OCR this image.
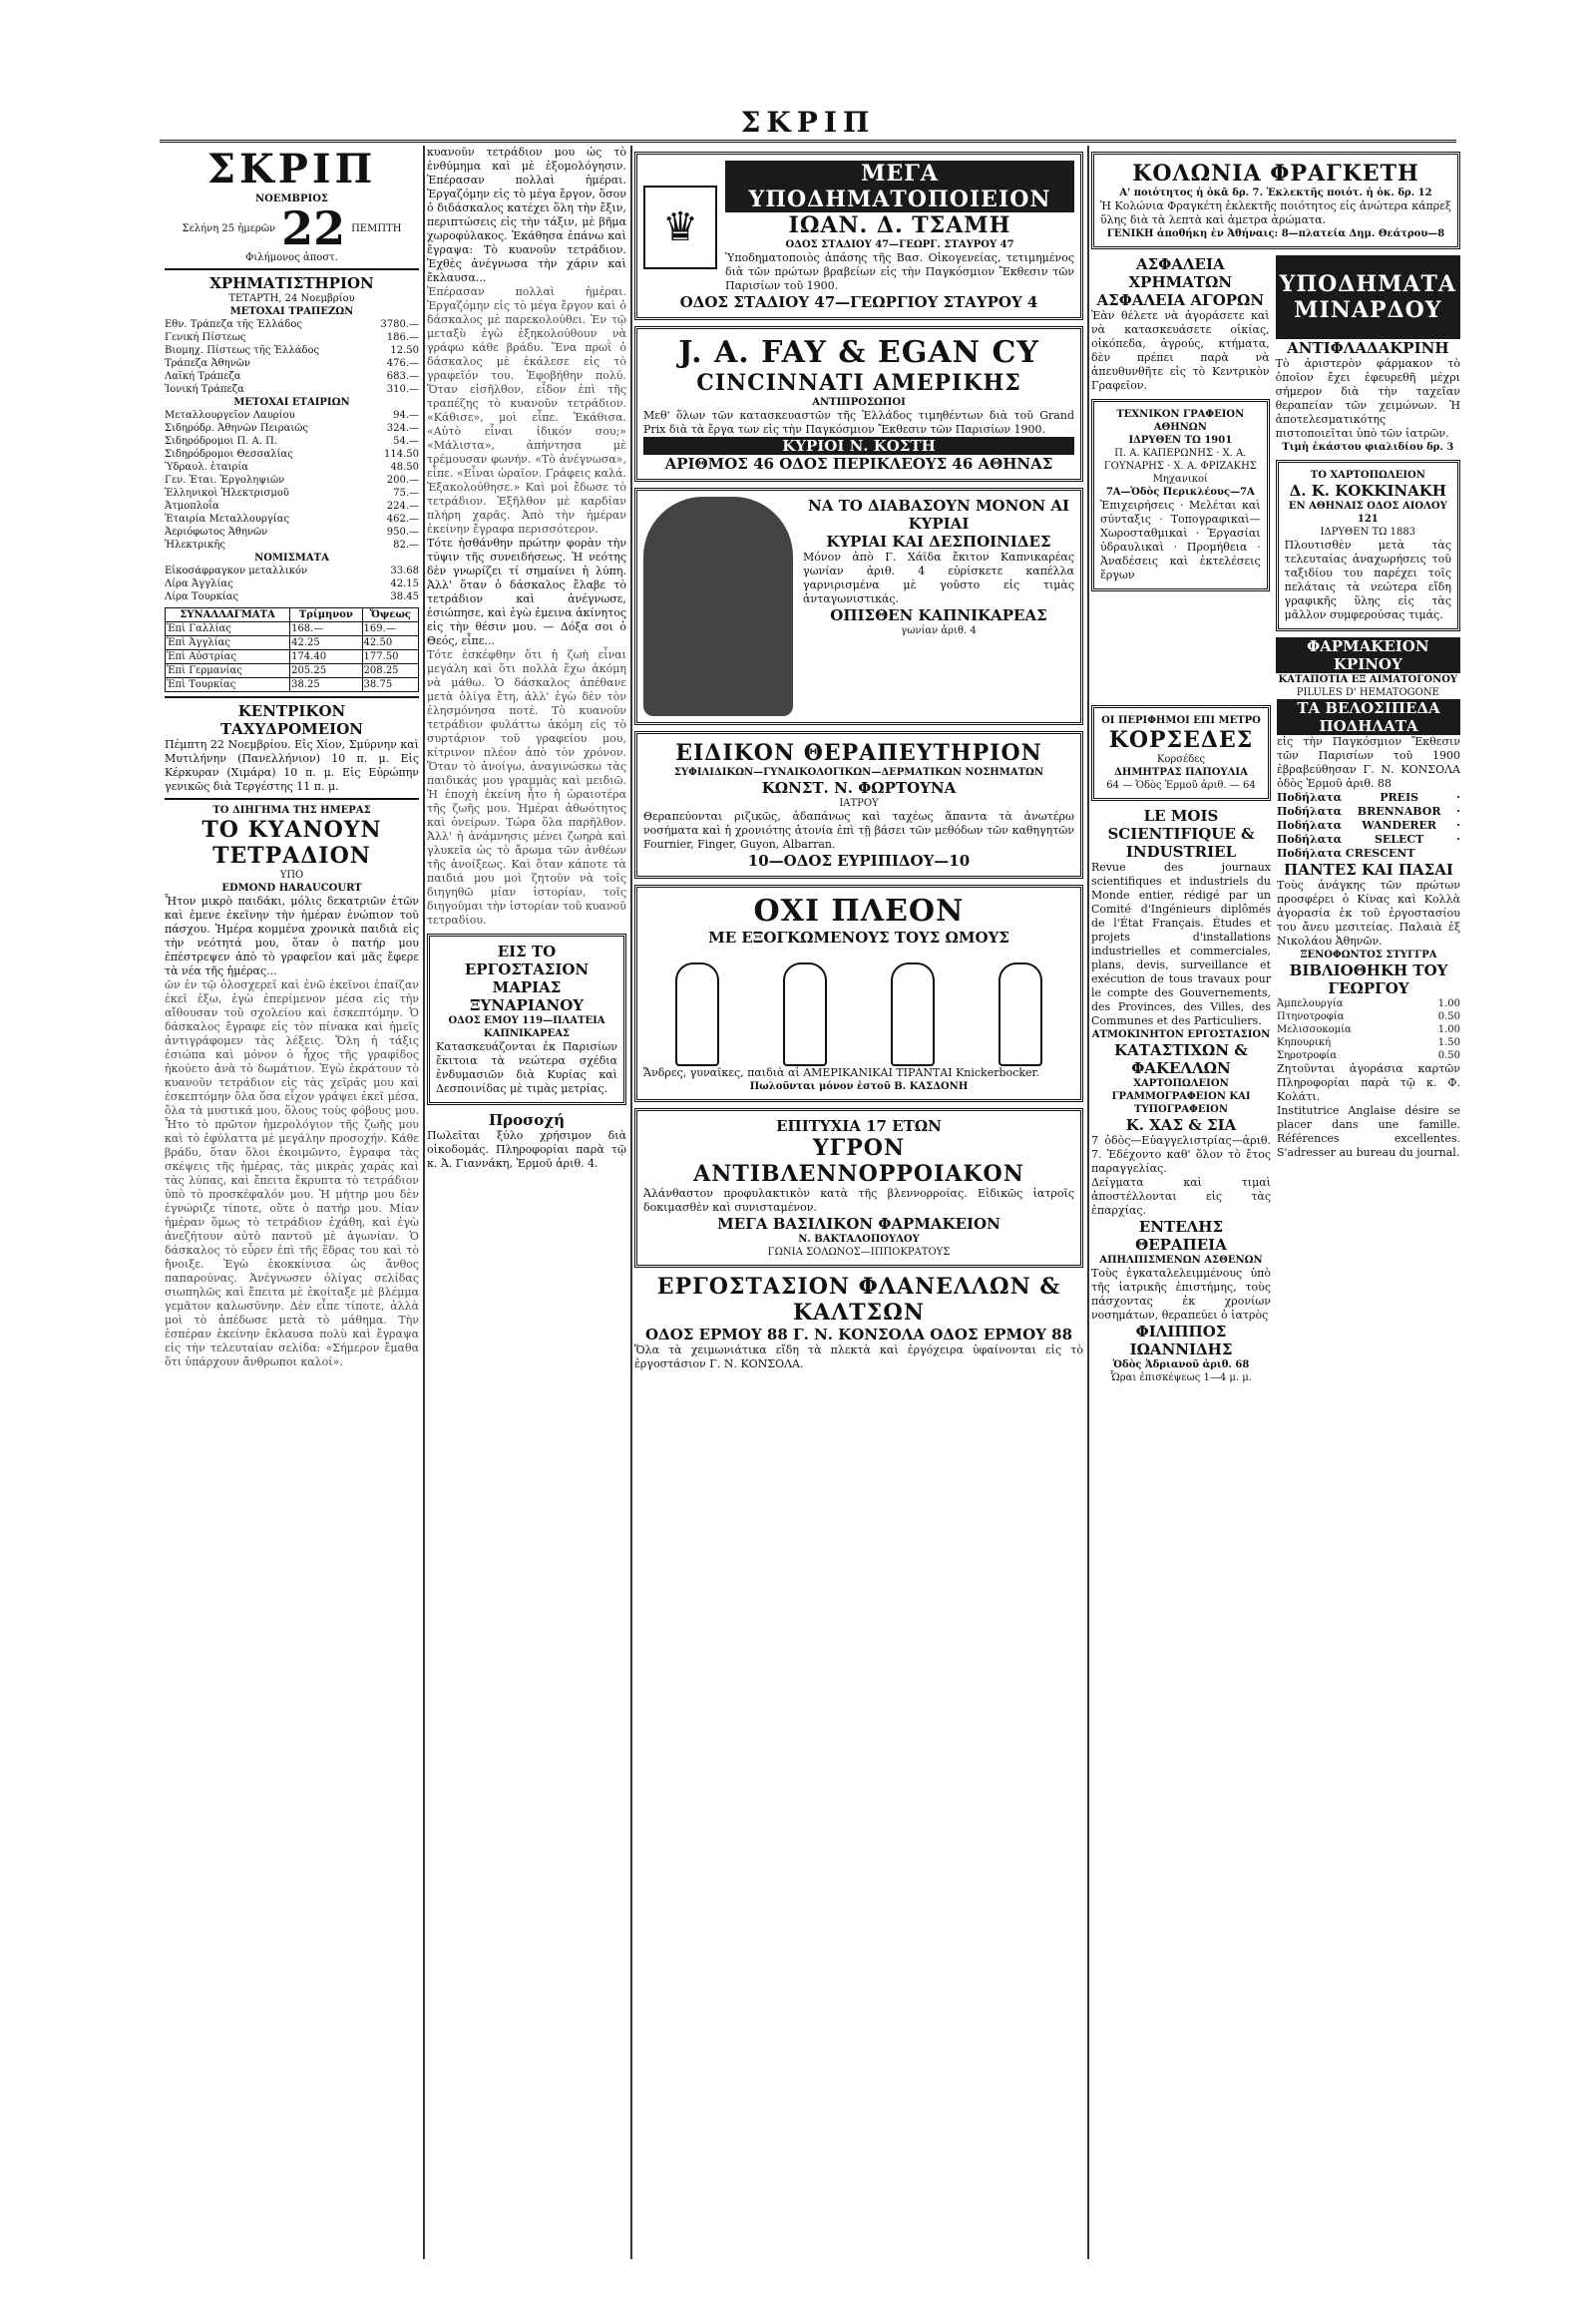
ΣΚΡΙΠ
ΣΚΡΙΠ
ΝΟΕΜΒΡΙΟΣ
Σελήνη 25 ἡμερῶν 22 ΠΕΜΠΤΗ
Φιλήμονος ἀποστ.
ΧΡΗΜΑΤΙΣΤΗΡΙΟΝ
ΤΕΤΑΡΤΗ, 24 Νοεμβρίου
ΜΕΤΟΧΑΙ ΤΡΑΠΕΖΩΝ
Εθν. Τράπεζα τῆς Ἑλλάδος	3780.—
Γενική Πίστεως	186.—
Βιομηχ. Πίστεως τῆς Ἑλλάδος	12.50
Τράπεζα Ἀθηνῶν	476.—
Λαϊκή Τράπεζα	683.—
Ἰονική Τράπεζα	310.—
ΜΕΤΟΧΑΙ ΕΤΑΙΡΙΩΝ
Μεταλλουργεῖον Λαυρίου	94.—
Σιδηρόδρ. Ἀθηνῶν Πειραιῶς	324.—
Σιδηρόδρομοι Π. Α. Π.	54.—
Σιδηρόδρομοι Θεσσαλίας	114.50
Ὑδραυλ. ἑταιρία	48.50
Γεν. Ἑται. Ἐργοληψιῶν	200.—
Ἑλληνικοὶ Ἠλεκτρισμοῦ	75.—
Ἀτμοπλοΐα	224.—
Ἐταιρία Μεταλλουργίας	462.—
Ἀεριόφωτος Ἀθηνῶν	950.—
Ἠλεκτρικῆς	82.—
ΝΟΜΙΣΜΑΤΑ
Εἰκοσάφραγκον μεταλλικόν	33.68
Λίρα Ἀγγλίας	42.15
Λίρα Τουρκίας	38.45
ΣΥΝΑΛΛΑΓΜΑΤΑ	Τρίμηνον	Ὄψεως
Ἐπὶ Γαλλίας	168.—	169.—
Ἐπὶ Ἀγγλίας	42.25	42.50
Ἐπὶ Αὐστρίας	174.40	177.50
Ἐπὶ Γερμανίας	205.25	208.25
Ἐπὶ Τουρκίας	38.25	38.75
ΚΕΝΤΡΙΚΟΝ ΤΑΧΥΔΡΟΜΕΙΟΝ
Πέμπτη 22 Νοεμβρίου. Εἰς Χίον, Σμύρνην καὶ Μυτιλήνην (Πανελλήνιον) 10 π. μ. Εἰς Κέρκυραν (Χιμάρα) 10 π. μ. Εἰς Εὐρώπην γενικῶς διὰ Τεργέστης 11 π. μ.
ΤΟ ΔΙΗΓΗΜΑ ΤΗΣ ΗΜΕΡΑΣ
ΤΟ ΚΥΑΝΟΥΝ ΤΕΤΡΑΔΙΟΝ
ΥΠΟ
EDMOND HARAUCOURT
Ἦτον μικρὸ παιδάκι, μόλις δεκατριῶν ἐτῶν καὶ ἐμενε ἐκεῖνην τὴν ἡμέραν ἐνώπιον τοῦ πάσχου. Ἠμέρα κομμένα χρονικὰ παιδιὰ εἰς τὴν νεότητά μου, ὅταν ὁ πατήρ μου ἐπέστρεψεν ἀπὸ τὸ γραφεῖον καὶ μᾶς ἔφερε τὰ νέα τῆς ἡμέρας...
ῶν ἐν τῷ ὁλοσχερεῖ καὶ ἐνῶ ἐκεῖνοι ἐπαίζαν ἐκεῖ ἐξω, ἐγὼ ἐπερίμενον μέσα εἰς τὴν αἴθουσαν τοῦ σχολείου καὶ ἐσκεπτόμην. Ὁ δάσκαλος ἔγραφε εἰς τὸν πίνακα καὶ ἡμεῖς ἀντιγράφομεν τὰς λέξεις. Ὅλη ἡ τάξις ἐσιώπα καὶ μόνον ὁ ἦχος τῆς γραφίδος ἠκούετο ἀνὰ τὸ δωμάτιον. Ἐγὼ ἐκράτουν τὸ κυανοῦν τετράδιον εἰς τὰς χεῖράς μου καὶ ἐσκεπτόμην ὅλα ὅσα εἶχον γράψει ἐκεῖ μέσα, ὅλα τὰ μυστικά μου, ὅλους τοὺς φόβους μου. Ἦτο τὸ πρῶτον ἡμερολόγιον τῆς ζωῆς μου καὶ τὸ ἐφύλαττα μὲ μεγάλην προσοχήν. Κάθε βράδυ, ὅταν ὅλοι ἐκοιμῶντο, ἔγραφα τὰς σκέψεις τῆς ἡμέρας, τὰς μικρὰς χαρὰς καὶ τὰς λύπας, καὶ ἔπειτα ἔκρυπτα τὸ τετράδιον ὑπὸ τὸ προσκέφαλόν μου. Ἡ μήτηρ μου δὲν ἐγνώριζε τίποτε, οὔτε ὁ πατήρ μου. Μίαν ἡμέραν ὅμως τὸ τετράδιον ἐχάθη, καὶ ἐγὼ ἀνεζήτουν αὐτὸ παντοῦ μὲ ἀγωνίαν. Ὁ δάσκαλος τὸ εὗρεν ἐπὶ τῆς ἕδρας του καὶ τὸ ἤνοιξε. Ἐγὼ ἐκοκκίνισα ὡς ἄνθος παπαρούνας. Ἀνέγνωσεν ὀλίγας σελίδας σιωπηλῶς καὶ ἔπειτα μὲ ἐκοίταξε μὲ βλέμμα γεμᾶτον καλωσύνην. Δὲν εἶπε τίποτε, ἀλλὰ μοὶ τὸ ἀπέδωσε μετὰ τὸ μάθημα. Τὴν ἑσπέραν ἐκείνην ἔκλαυσα πολὺ καὶ ἔγραψα εἰς τὴν τελευταίαν σελίδα: «Σήμερον ἔμαθα ὅτι ὑπάρχουν ἄνθρωποι καλοί».
κυανοῦν τετράδιον μου ὡς τὸ ἐνθύμημα καὶ μὲ ἐξομολόγησιν. Ἐπέρασαν πολλαὶ ἡμέραι. Ἐργαζόμην εἰς τὸ μέγα ἔργον, ὅσον ὁ διδάσκαλος κατέχει ὅλη τὴν ἔξιν, περιπτώσεις εἰς τὴν τάξιν, μὲ βῆμα χωροφύλακος. Ἐκάθησα ἐπάνω καὶ ἔγραψα: Τὸ κυανοῦν τετράδιον. Ἐχθὲς ἀνέγνωσα τὴν χάριν καὶ ἔκλαυσα...
Ἐπέρασαν πολλαὶ ἡμέραι. Ἐργαζόμην εἰς τὸ μέγα ἔργον καὶ ὁ δάσκαλος μὲ παρεκολούθει. Ἐν τῷ μεταξὺ ἐγὼ ἐξηκολούθουν νὰ γράφω κάθε βράδυ. Ἕνα πρωῒ ὁ δάσκαλος μὲ ἐκάλεσε εἰς τὸ γραφεῖόν του. Ἐφοβήθην πολύ. Ὅταν εἰσῆλθον, εἶδον ἐπὶ τῆς τραπέζης τὸ κυανοῦν τετράδιον. «Κάθισε», μοὶ εἶπε. Ἐκάθισα. «Αὐτὸ εἶναι ἰδικόν σου;» «Μάλιστα», ἀπήντησα μὲ τρέμουσαν φωνήν. «Τὸ ἀνέγνωσα», εἶπε. «Εἶναι ὡραῖον. Γράφεις καλά. Ἐξακολούθησε.» Καὶ μοὶ ἔδωσε τὸ τετράδιον. Ἐξῆλθον μὲ καρδίαν πλήρη χαρᾶς. Ἀπὸ τὴν ἡμέραν ἐκείνην ἔγραφα περισσότερον.
Τότε ἠσθάνθην πρώτην φορὰν τὴν τύψιν τῆς συνειδήσεως. Ἡ νεότης δὲν γνωρίζει τί σημαίνει ἡ λύπη. Ἀλλ' ὅταν ὁ δάσκαλος ἔλαβε τὸ τετράδιον καὶ ἀνέγνωσε, ἐσιώπησε, καὶ ἐγὼ ἐμεινα ἀκίνητος εἰς τὴν θέσιν μου. — Δόξα σοι ὁ Θεός, εἶπε...
Τότε ἐσκέφθην ὅτι ἡ ζωὴ εἶναι μεγάλη καὶ ὅτι πολλὰ ἔχω ἀκόμη νὰ μάθω. Ὁ δάσκαλος ἀπέθανε μετὰ ὀλίγα ἔτη, ἀλλ' ἐγὼ δὲν τὸν ἐλησμόνησα ποτέ. Τὸ κυανοῦν τετράδιον φυλάττω ἀκόμη εἰς τὸ συρτάριον τοῦ γραφείου μου, κίτρινον πλέον ἀπὸ τὸν χρόνον. Ὅταν τὸ ἀνοίγω, ἀναγινώσκω τὰς παιδικάς μου γραμμὰς καὶ μειδιῶ. Ἡ ἐποχὴ ἐκείνη ἦτο ἡ ὡραιοτέρα τῆς ζωῆς μου. Ἡμέραι ἀθωότητος καὶ ὀνείρων. Τώρα ὅλα παρῆλθον. Ἀλλ' ἡ ἀνάμνησις μένει ζωηρὰ καὶ γλυκεῖα ὡς τὸ ἄρωμα τῶν ἀνθέων τῆς ἀνοίξεως. Καὶ ὅταν κάποτε τὰ παιδιά μου μοὶ ζητοῦν νὰ τοῖς διηγηθῶ μίαν ἱστορίαν, τοῖς διηγοῦμαι τὴν ἱστορίαν τοῦ κυανοῦ τετραδίου.
ΕΙΣ ΤΟ ΕΡΓΟΣΤΑΣΙΟΝ
ΜΑΡΙΑΣ ΞΥΝΑΡΙΑΝΟΥ
ΟΔΟΣ ΕΜΟΥ 119—ΠΛΑΤΕΙΑ ΚΑΠΝΙΚΑΡΕΑΣ
Κατασκευάζονται ἐκ Παρισίων ἔκιτοια τὰ νεώτερα σχέδια ἐνδυμασιῶν διὰ Κυρίας καὶ Δεσποινίδας μὲ τιμὰς μετρίας.
Προσοχή
Πωλεῖται ξύλο χρήσιμον διὰ οἰκοδομάς. Πληροφορίαι παρὰ τῷ κ. Ἀ. Γιαννάκη, Ἐρμοῦ ἀριθ. 4.
♛
ΜΕΓΑ ΥΠΟΔΗΜΑΤΟΠΟΙΕΙΟΝ
ΙΩΑΝ. Δ. ΤΣΑΜΗ
ΟΔΟΣ ΣΤΑΔΙΟΥ 47—ΓΕΩΡΓ. ΣΤΑΥΡΟΥ 47
Ὑποδηματοποιὸς ἁπάσης τῆς Βασ. Οἰκογενείας, τετιμημένος διὰ τῶν πρώτων βραβείων εἰς τὴν Παγκόσμιον Ἔκθεσιν τῶν Παρισίων τοῦ 1900.
ΟΔΟΣ ΣΤΑΔΙΟΥ 47—ΓΕΩΡΓΙΟΥ ΣΤΑΥΡΟΥ 4
J. A. FAY & EGAN CY
CINCINNATI ΑΜΕΡΙΚΗΣ
ΑΝΤΙΠΡΟΣΩΠΟΙ
Μεθ' ὅλων τῶν κατασκευαστῶν τῆς Ἑλλάδος τιμηθέντων διὰ τοῦ Grand Prix διὰ τὰ ἔργα των εἰς τὴν Παγκόσμιον Ἔκθεσιν τῶν Παρισίων 1900.
ΚΥΡΙΟΙ Ν. ΚΟΣΤΗ
ΑΡΙΘΜΟΣ 46 ΟΔΟΣ ΠΕΡΙΚΛΕΟΥΣ 46 ΑΘΗΝΑΣ
ΝΑ ΤΟ ΔΙΑΒΑΣΟΥΝ ΜΟΝΟΝ ΑΙ ΚΥΡΙΑΙ
ΚΥΡΙΑΙ ΚΑΙ ΔΕΣΠΟΙΝΙΔΕΣ
Μόνον ἀπὸ Γ. Χάϊδα ἔκιτον Καπνικαρέας γωνίαν ἀριθ. 4 εὑρίσκετε καπέλλα γαρνιρισμένα μὲ γοῦστο εἰς τιμὰς ἀνταγωνιστικάς.
ΟΠΙΣΘΕΝ ΚΑΠΝΙΚΑΡΕΑΣ
γωνίαν ἀριθ. 4
ΕΙΔΙΚΟΝ ΘΕΡΑΠΕΥΤΗΡΙΟΝ
ΣΥΦΙΛΙΔΙΚΩΝ—ΓΥΝΑΙΚΟΛΟΓΙΚΩΝ—ΔΕΡΜΑΤΙΚΩΝ ΝΟΣΗΜΑΤΩΝ
ΚΩΝΣΤ. Ν. ΦΩΡΤΟΥΝΑ
ΙΑΤΡΟΥ
Θεραπεύονται ριζικῶς, ἀδαπάνως καὶ ταχέως ἅπαντα τὰ ἀνωτέρω νοσήματα καὶ ἡ χρονιότης ἀτονία ἐπὶ τῇ βάσει τῶν μεθόδων τῶν καθηγητῶν Fournier, Finger, Guyon, Albarran.
10—ΟΔΟΣ ΕΥΡΙΠΙΔΟΥ—10
ΟΧΙ ΠΛΕΟΝ
ΜΕ ΕΞΟΓΚΩΜΕΝΟΥΣ ΤΟΥΣ ΩΜΟΥΣ
Ἄνδρες, γυναῖκες, παιδιὰ αἱ ΑΜΕΡΙΚΑΝΙΚΑΙ ΤΙΡΑΝΤΑΙ Knickerbocker.
Πωλοῦνται μόνον ἐστοῦ Β. ΚΑΣΔΟΝΗ
ΕΠΙΤΥΧΙΑ 17 ΕΤΩΝ
ΥΓΡΟΝ ΑΝΤΙΒΛΕΝΝΟΡΡΟΙΑΚΟΝ
Ἀλάνθαστον προφυλακτικὸν κατὰ τῆς βλεννορροίας. Εἰδικῶς ἰατροῖς δοκιμασθὲν καὶ συνισταμένον.
ΜΕΓΑ ΒΑΣΙΛΙΚΟΝ ΦΑΡΜΑΚΕΙΟΝ
Ν. ΒΑΚΤΑΛΟΠΟΥΛΟΥ
ΓΩΝΙΑ ΣΟΛΩΝΟΣ—ΙΠΠΟΚΡΑΤΟΥΣ
ΕΡΓΟΣΤΑΣΙΟΝ ΦΛΑΝΕΛΛΩΝ & ΚΑΛΤΣΩΝ
ΟΔΟΣ ΕΡΜΟΥ 88 Γ. Ν. ΚΟΝΣΟΛΑ ΟΔΟΣ ΕΡΜΟΥ 88
Ὅλα τὰ χειμωνιάτικα εἴδη τὰ πλεκτὰ καὶ ἐργόχειρα ὑφαίνονται εἰς τὸ ἐργοστάσιον Γ. Ν. ΚΟΝΣΟΛΑ.
ΚΟΛΩΝΙΑ ΦΡΑΓΚΕΤΗ
Α' ποιότητος ἡ ὀκᾶ δρ. 7. Ἐκλεκτῆς ποιότ. ἡ ὀκ. δρ. 12
Ἡ Κολώνια Φραγκέτη ἐκλεκτῆς ποιότητος εἰς ἀνώτερα κάπρεξ ὕλης διὰ τὰ λεπτὰ καὶ ἀμετρα ἀρώματα.
ΓΕΝΙΚΗ ἀποθήκη ἐν Ἀθήναις: 8—πλατεία Δημ. Θεάτρου—8
ΑΣΦΑΛΕΙΑ ΧΡΗΜΑΤΩΝ ΑΣΦΑΛΕΙΑ ΑΓΟΡΩΝ
Ἐὰν θέλετε νὰ ἀγοράσετε καὶ νὰ κατασκευάσετε οἰκίας, οἰκόπεδα, ἀγρούς, κτήματα, δὲν πρέπει παρὰ νὰ ἀπευθυνθῆτε εἰς τὸ Κεντρικὸν Γραφεῖον.
ΤΕΧΝΙΚΟΝ ΓΡΑΦΕΙΟΝ ΑΘΗΝΩΝ
ΙΔΡΥΘΕΝ ΤΩ 1901
Π. Α. ΚΑΠΕΡΩΝΗΣ · Χ. Α. ΓΟΥΝΑΡΗΣ · Χ. Α. ΦΡΙΖΑΚΗΣ
Μηχανικοί
7Α—Ὁδὸς Περικλέους—7Α
Ἐπιχειρήσεις · Μελέται καὶ σύνταξις · Τοπογραφικαὶ—Χωροσταθμικαὶ · Ἐργασίαι ὑδραυλικαὶ · Προμήθεια · Ἀναδέσεις καὶ ἐκτελέσεις ἔργων
ΥΠΟΔΗΜΑΤΑ ΜΙΝΑΡΔΟΥ
ΑΝΤΙΦΛΑΔΑΚΡΙΝΗ
Τὸ ἀριστερὸν φάρμακον τὸ ὁποῖον ἔχει ἐφευρεθῆ μέχρι σήμερον διὰ τὴν ταχεῖαν θεραπείαν τῶν χειμώνων. Ἡ ἀποτελεσματικότης πιστοποιεῖται ὑπὸ τῶν ἰατρῶν.
Τιμὴ ἑκάστου φιαλιδίου δρ. 3
ΤΟ ΧΑΡΤΟΠΩΛΕΙΟΝ
Δ. Κ. ΚΟΚΚΙΝΑΚΗ
ΕΝ ΑΘΗΝΑΙΣ ΟΔΟΣ ΑΙΟΛΟΥ 121
ΙΔΡΥΘΕΝ ΤΩ 1883
Πλουτισθὲν μετὰ τὰς τελευταίας ἀναχωρήσεις τοῦ ταξιδίου του παρέχει τοῖς πελάταις τὰ νεώτερα εἴδη γραφικῆς ὕλης εἰς τὰς μᾶλλον συμφερούσας τιμάς.
ΦΑΡΜΑΚΕΙΟΝ ΚΡΙΝΟΥ
ΚΑΤΑΠΟΤΙΑ ΕΞ ΑΙΜΑΤΟΓΟΝΟΥ
PILULES D' HEMATOGONE
ΟΙ ΠΕΡΙΦΗΜΟΙ ΕΠΙ ΜΕΤΡΟ
ΚΟΡΣΕΔΕΣ
Κορσέδες
ΔΗΜΗΤΡΑΣ ΠΑΠΟΥΛΙΑ
64 — Ὁδὸς Ἑρμοῦ ἀριθ. — 64
LE MOIS SCIENTIFIQUE & INDUSTRIEL
Revue des journaux scientifiques et industriels du Monde entier, rédigé par un Comité d'Ingénieurs diplômés de l'État Français. Études et projets d'installations industrielles et commerciales, plans, devis, surveillance et exécution de tous travaux pour le compte des Gouvernements, des Provinces, des Villes, des Communes et des Particuliers.
ΑΤΜΟΚΙΝΗΤΟΝ ΕΡΓΟΣΤΑΣΙΟΝ
ΚΑΤΑΣΤΙΧΩΝ & ΦΑΚΕΛΛΩΝ
ΧΑΡΤΟΠΩΛΕΙΟΝ
ΓΡΑΜΜΟΓΡΑΦΕΙΟΝ ΚΑΙ ΤΥΠΟΓΡΑΦΕΙΟΝ
Κ. ΧΑΣ & ΣΙΑ
7 ὁδὸς—Εὐαγγελιστρίας—ἀριθ. 7. Ἐδέχοντο καθ' ὅλον τὸ ἔτος παραγγελίας.
Δείγματα καὶ τιμαὶ ἀποστέλλονται εἰς τὰς ἐπαρχίας.
ΕΝΤΕΛΗΣ ΘΕΡΑΠΕΙΑ
ΑΠΗΛΠΙΣΜΕΝΩΝ ΑΣΘΕΝΩΝ
Τοὺς ἐγκαταλελειμμένους ὑπὸ τῆς ἰατρικῆς ἐπιστήμης, τοὺς πάσχοντας ἐκ χρονίων νοσημάτων, θεραπεύει ὁ ἰατρὸς
ΦΙΛΙΠΠΟΣ ΙΩΑΝΝΙΔΗΣ
Ὁδὸς Ἀδριανοῦ ἀριθ. 68
Ὧραι ἐπισκέψεως 1—4 μ. μ.
ΤΑ ΒΕΛΟΣΙΠΕΔΑ ΠΟΔΗΛΑΤΑ
εἰς τὴν Παγκόσμιον Ἔκθεσιν τῶν Παρισίων τοῦ 1900 ἐβραβεύθησαν Γ. Ν. ΚΟΝΣΟΛΑ ὁδὸς Ἑρμοῦ ἀριθ. 88
Ποδήλατα PREIS · Ποδήλατα BRENNABOR · Ποδήλατα WANDERER · Ποδήλατα SELECT · Ποδήλατα CRESCENT
ΠΑΝΤΕΣ ΚΑΙ ΠΑΣΑΙ
Τοὺς ἀνάγκης τῶν πρώτων προσφέρει ὁ Κίνας καὶ Κολλὰ ἀγορασία ἐκ τοῦ ἐργοστασίου του ἄνευ μεσιτείας. Παλαιὰ ἐξ Νικολάου Ἀθηνῶν.
ΞΕΝΟΦΩΝΤΟΣ ΣΤΥΓΓΡΑ
ΒΙΒΛΙΟΘΗΚΗ ΤΟΥ ΓΕΩΡΓΟΥ
Ἀμπελουργία	1.00
Πτηνοτροφία	0.50
Μελισσοκομία	1.00
Κηπουρική	1.50
Σηροτροφία	0.50
Ζητοῦνται ἀγοράσια καρτῶν Πληροφορίαι παρὰ τῷ κ. Φ. Κολάτι.
Institutrice Anglaise désire se placer dans une famille. Références excellentes. S'adresser au bureau du journal.
